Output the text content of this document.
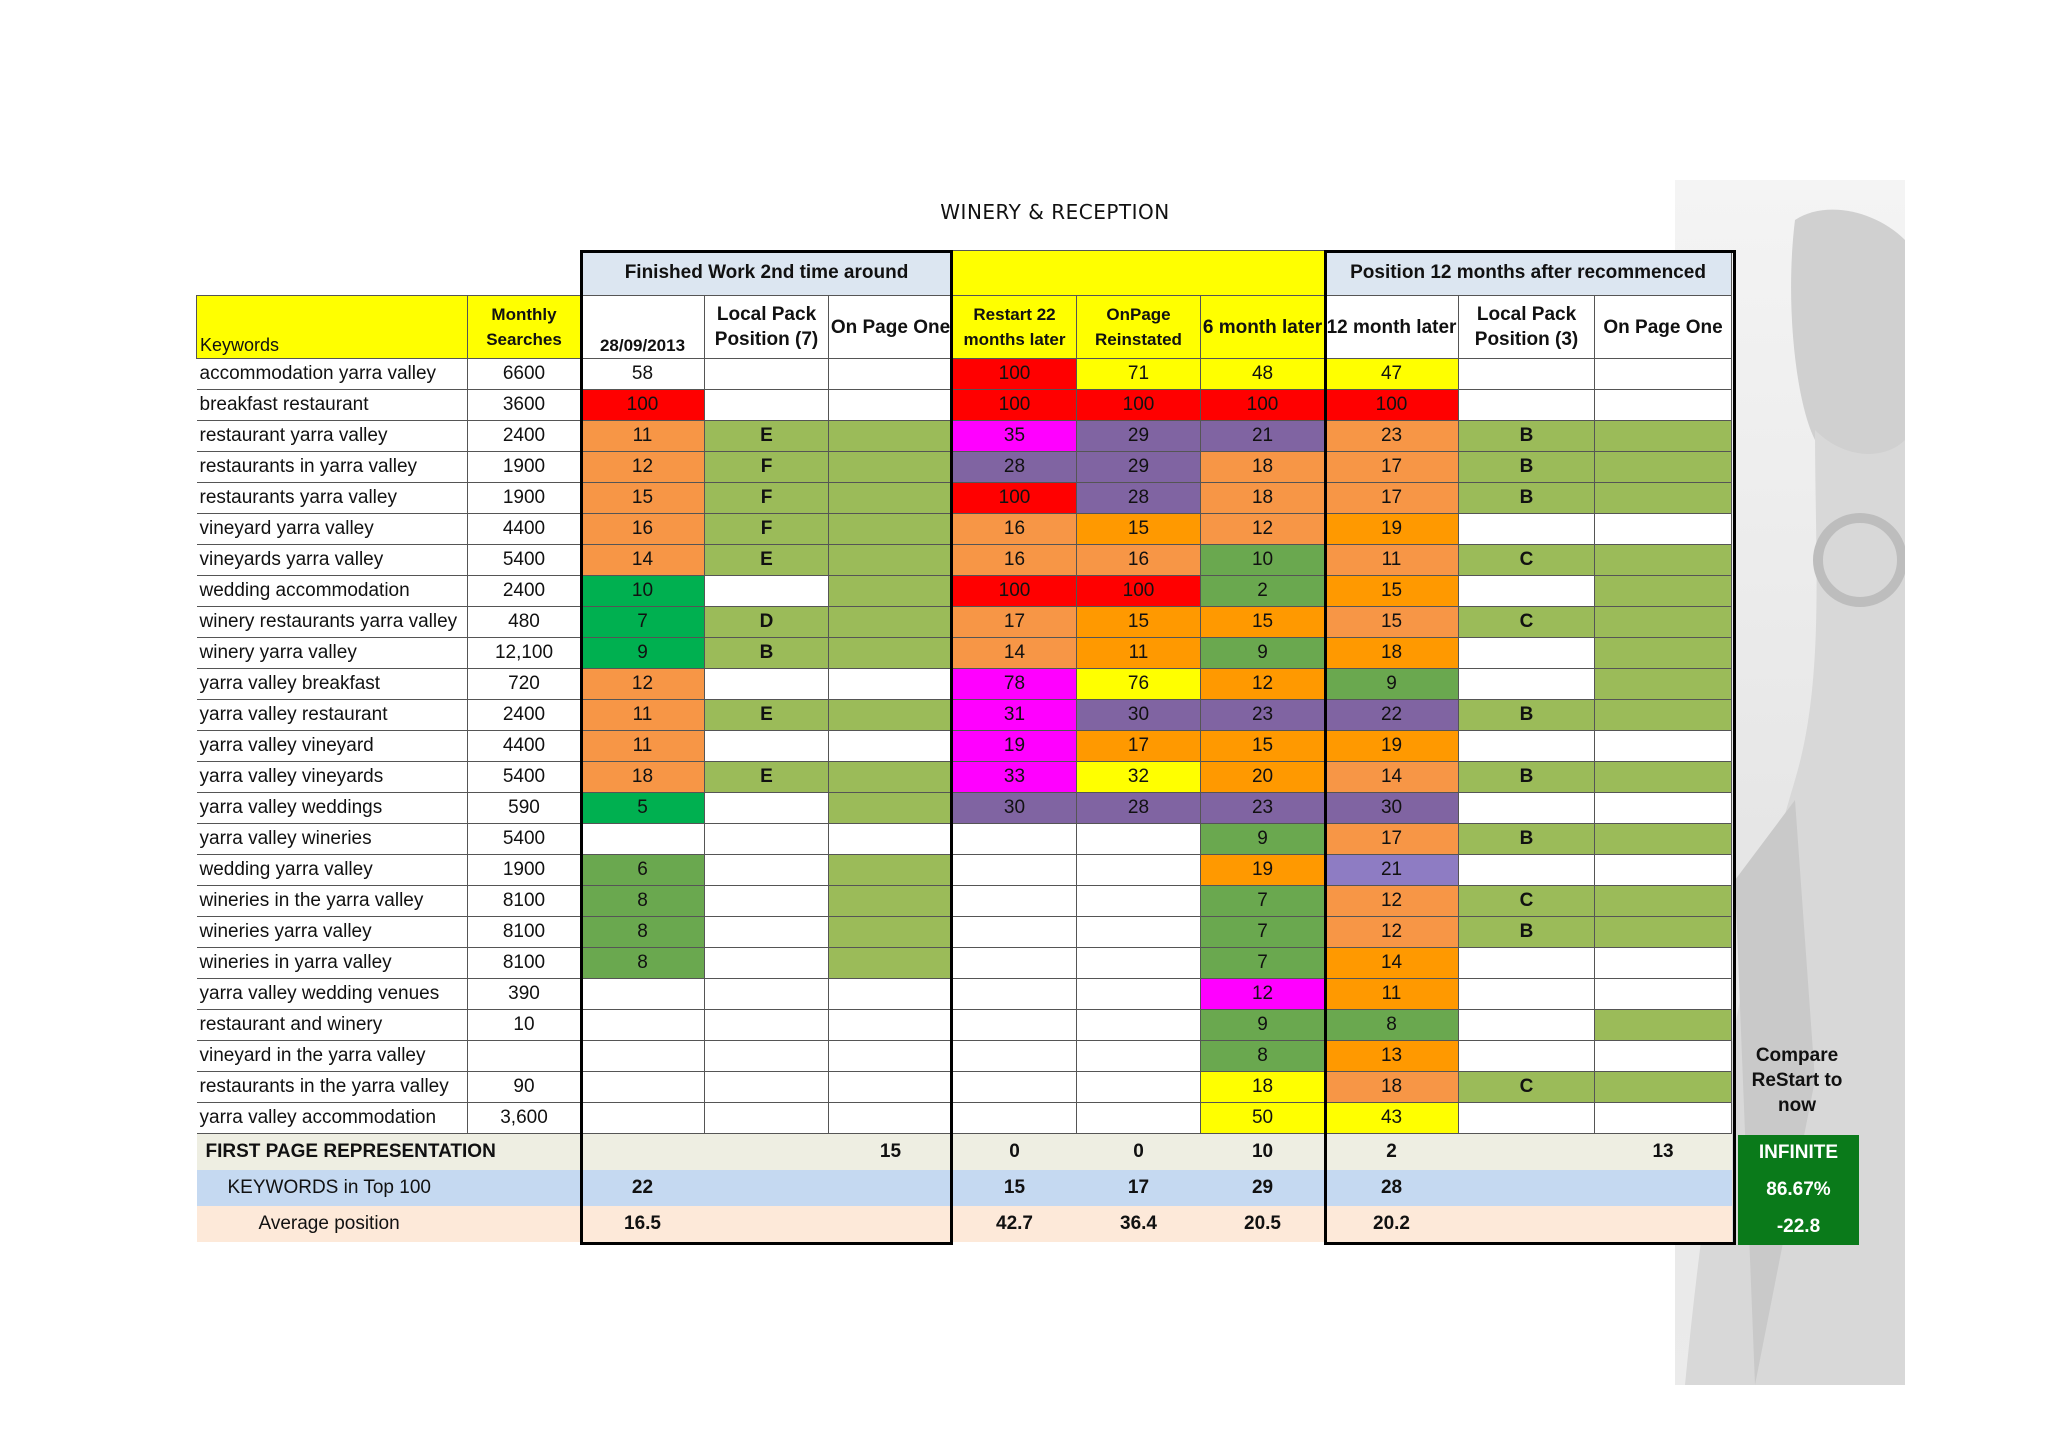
WINERY & RECEPTION
		Finished Work 2nd time around						Position 12 months after recommenced		
Keywords	Monthly Searches	28/09/2013	Local Pack Position (7)	On Page One	Restart 22 months later	OnPage Reinstated	6 month later	12 month later	Local Pack Position (3)	On Page One
accommodation yarra valley	6600	58			100	71	48	47		
breakfast restaurant	3600	100			100	100	100	100		
restaurant yarra valley	2400	11	E		35	29	21	23	B	
restaurants in yarra valley	1900	12	F		28	29	18	17	B	
restaurants yarra valley	1900	15	F		100	28	18	17	B	
vineyard yarra valley	4400	16	F		16	15	12	19		
vineyards yarra valley	5400	14	E		16	16	10	11	C	
wedding accommodation	2400	10			100	100	2	15		
winery restaurants yarra valley	480	7	D		17	15	15	15	C	
winery yarra valley	12,100	9	B		14	11	9	18		
yarra valley breakfast	720	12			78	76	12	9		
yarra valley restaurant	2400	11	E		31	30	23	22	B	
yarra valley vineyard	4400	11			19	17	15	19		
yarra valley vineyards	5400	18	E		33	32	20	14	B	
yarra valley weddings	590	5			30	28	23	30		
yarra valley wineries	5400						9	17	B	
wedding yarra valley	1900	6					19	21		
wineries in the yarra valley	8100	8					7	12	C	
wineries yarra valley	8100	8					7	12	B	
wineries in yarra valley	8100	8					7	14		
yarra valley wedding venues	390						12	11		
restaurant and winery	10						9	8		
vineyard in the yarra valley							8	13		
restaurants in the yarra valley	90						18	18	C	
yarra valley accommodation	3,600						50	43		
FIRST PAGE REPRESENTATION				15	0	0	10	2		13
KEYWORDS in Top 100		22			15	17	29	28		
Average position		16.5			42.7	36.4	20.5	20.2		
Compare ReStart to now
INFINITE
86.67%
-22.8
